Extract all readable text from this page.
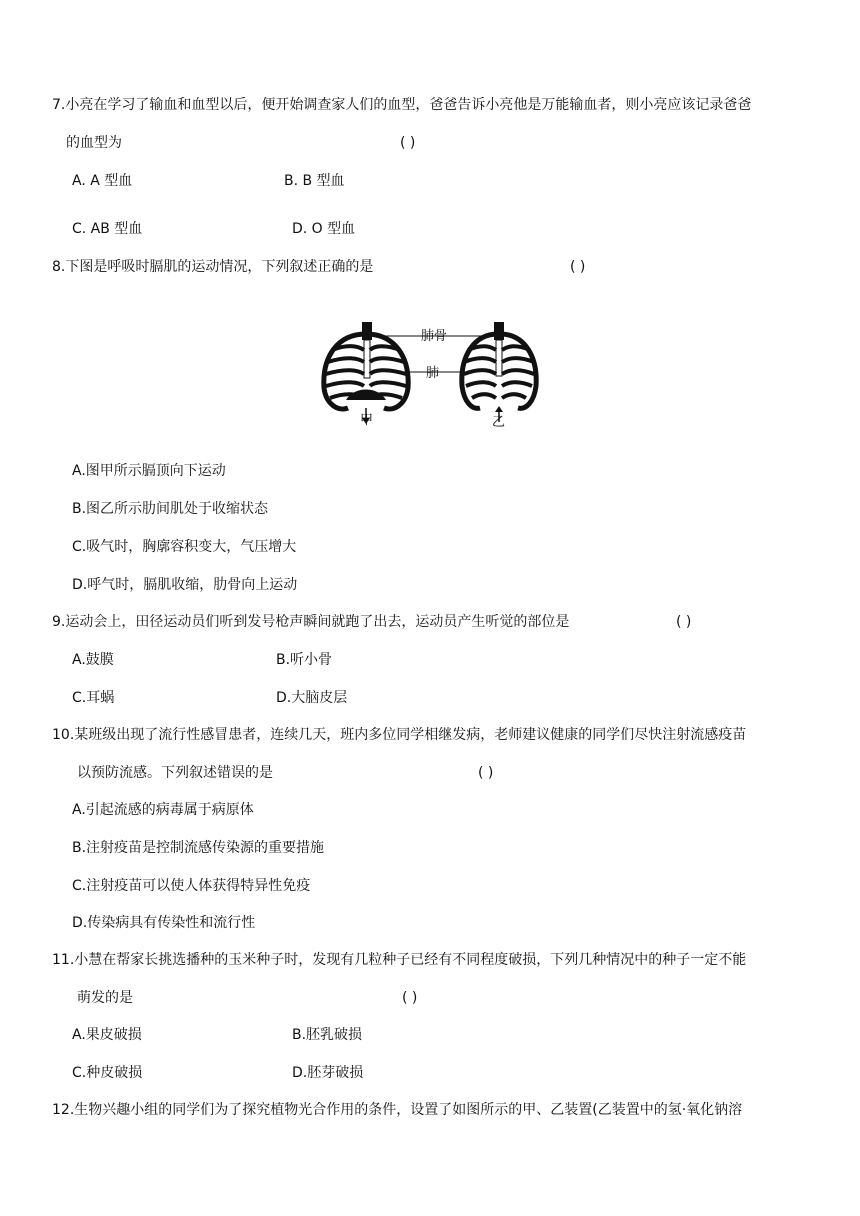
7.小亮在学习了输血和血型以后，便开始调查家人们的血型，爸爸告诉小亮他是万能输血者，则小亮应该记录爸爸
的血型为	( )
A. A 型血	B. B 型血
C. AB 型血	D. O 型血
8.下图是呼吸时膈肌的运动情况，下列叙述正确的是	( )
肺骨
肺
甲	乙
A.图甲所示膈顶向下运动
B.图乙所示肋间肌处于收缩状态
C.吸气时，胸廓容积变大，气压增大
D.呼气时，膈肌收缩，肋骨向上运动
9.运动会上，田径运动员们听到发号枪声瞬间就跑了出去，运动员产生听觉的部位是	( )
A.鼓膜	B.听小骨
C.耳蜗	D.大脑皮层
10.某班级出现了流行性感冒患者，连续几天，班内多位同学相继发病，老师建议健康的同学们尽快注射流感疫苗
以预防流感。下列叙述错误的是	( )
A.引起流感的病毒属于病原体
B.注射疫苗是控制流感传染源的重要措施
C.注射疫苗可以使人体获得特异性免疫
D.传染病具有传染性和流行性
11.小慧在帮家长挑选播种的玉米种子时，发现有几粒种子已经有不同程度破损，下列几种情况中的种子一定不能
萌发的是	( )
A.果皮破损	B.胚乳破损
C.种皮破损	D.胚芽破损
12.生物兴趣小组的同学们为了探究植物光合作用的条件，设置了如图所示的甲、乙装置(乙装置中的氢·氧化钠溶
